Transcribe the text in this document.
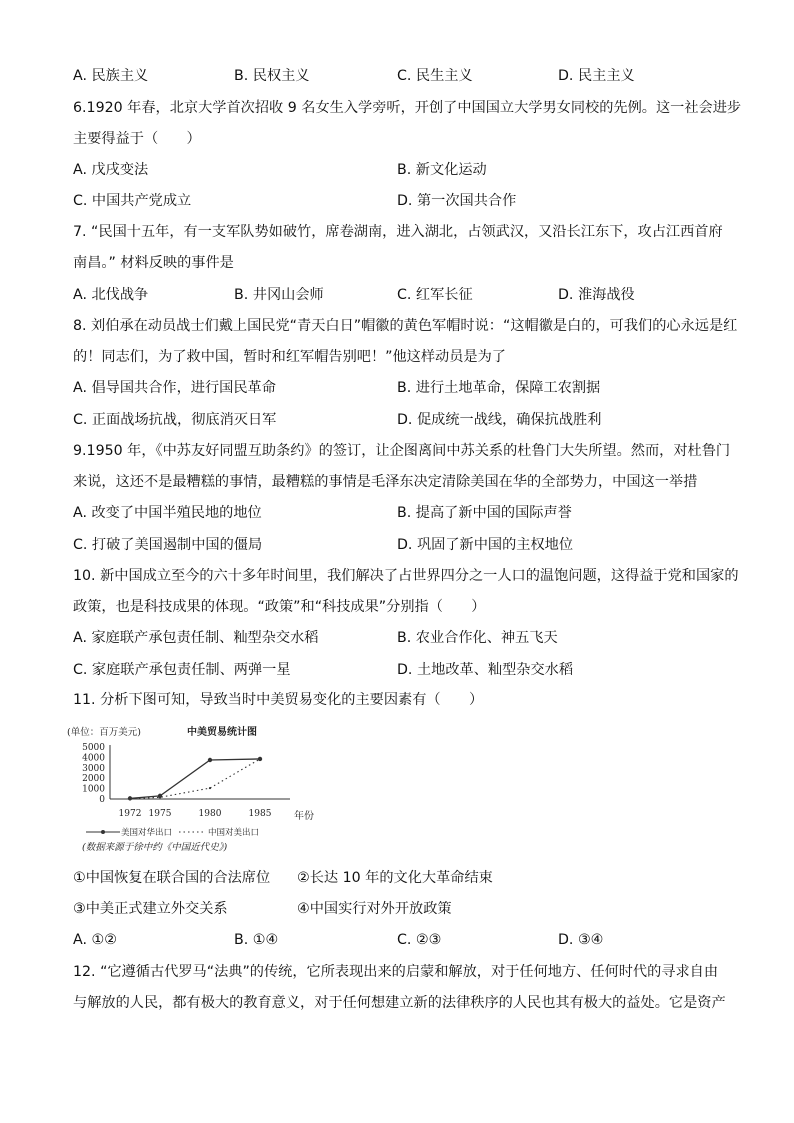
A. 民族主义	B. 民权主义	C. 民生主义	D. 民主主义
6.1920 年春，北京大学首次招收 9 名女生入学旁听，开创了中国国立大学男女同校的先例。这一社会进步
主要得益于（　　）
A. 戊戌变法	B. 新文化运动
C. 中国共产党成立	D. 第一次国共合作
7. “民国十五年，有一支军队势如破竹，席卷湖南，进入湖北，占领武汉，又沿长江东下，攻占江西首府
南昌。” 材料反映的事件是
A. 北伐战争	B. 井冈山会师	C. 红军长征	D. 淮海战役
8. 刘伯承在动员战士们戴上国民党“青天白日”帽徽的黄色军帽时说：“这帽徽是白的，可我们的心永远是红
的！同志们，为了救中国，暂时和红军帽告别吧！”他这样动员是为了
A. 倡导国共合作，进行国民革命	B. 进行土地革命，保障工农割据
C. 正面战场抗战，彻底消灭日军	D. 促成统一战线，确保抗战胜利
9.1950 年，《中苏友好同盟互助条约》的签订，让企图离间中苏关系的杜鲁门大失所望。然而，对杜鲁门
来说，这还不是最糟糕的事情，最糟糕的事情是毛泽东决定清除美国在华的全部势力，中国这一举措
A. 改变了中国半殖民地的地位	B. 提高了新中国的国际声誉
C. 打破了美国遏制中国的僵局	D. 巩固了新中国的主权地位
10. 新中国成立至今的六十多年时间里，我们解决了占世界四分之一人口的温饱问题，这得益于党和国家的
政策，也是科技成果的体现。“政策”和“科技成果”分别指（　　）
A. 家庭联产承包责任制、籼型杂交水稻	B. 农业合作化、神五飞天
C. 家庭联产承包责任制、两弹一星	D. 土地改革、籼型杂交水稻
11. 分析下图可知，导致当时中美贸易变化的主要因素有（　　）
(单位：百万美元)	中美贸易统计图
5000
4000
3000
2000
1000
0
1972 1975	1980	1985 年份
美国对华出口	中国对美出口
(数据来源于徐中约《中国近代史》)
①中国恢复在联合国的合法席位 ②长达 10 年的文化大革命结束
③中美正式建立外交关系	④中国实行对外开放政策
A. ①②	B. ①④	C. ②③	D. ③④
12. “它遵循古代罗马“法典”的传统，它所表现出来的启蒙和解放，对于任何地方、任何时代的寻求自由
与解放的人民，都有极大的教育意义，对于任何想建立新的法律秩序的人民也其有极大的益处。它是资产
